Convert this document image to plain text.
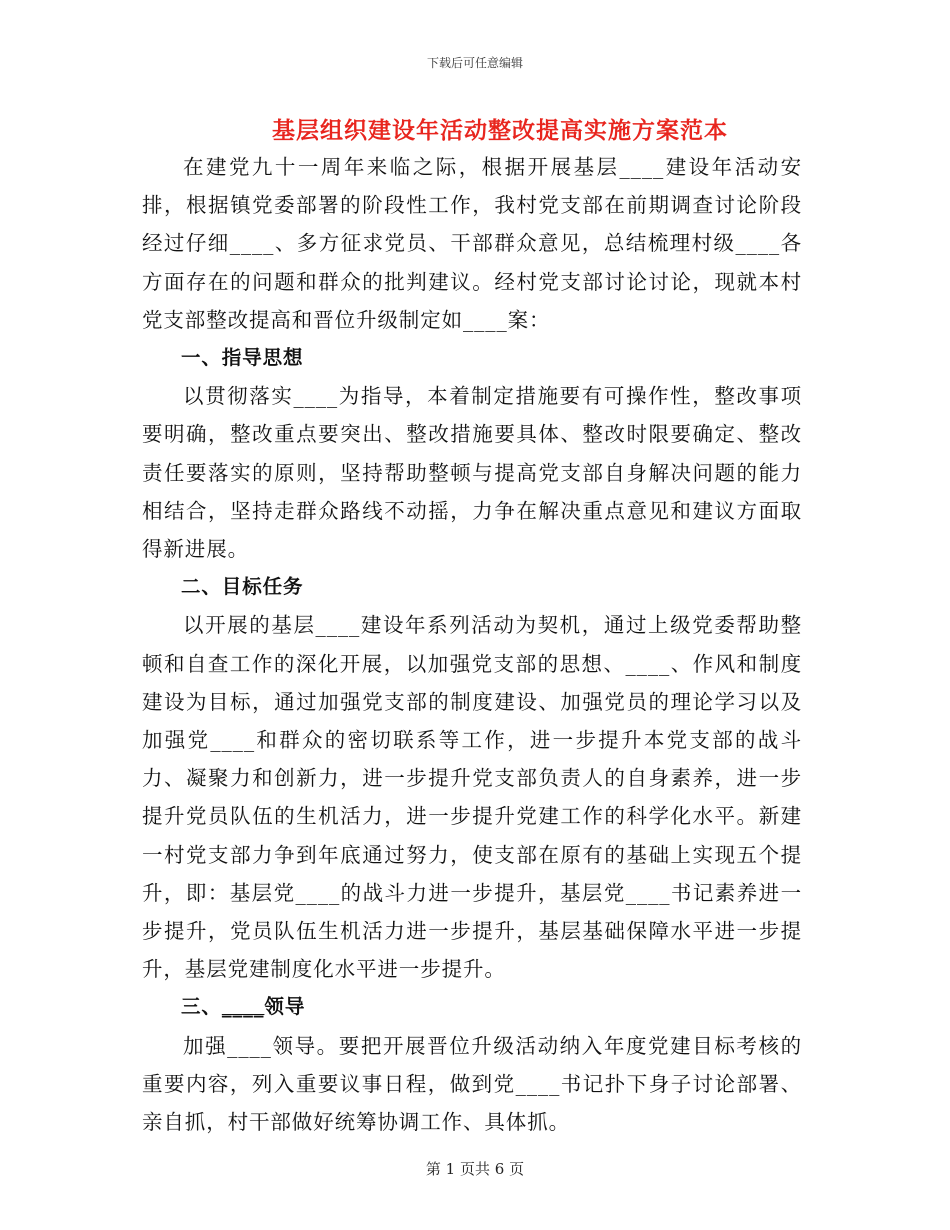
下载后可任意编辑
基层组织建设年活动整改提高实施方案范本

在建党九十一周年来临之际，根据开展基层____建设年活动安排，根据镇党委部署的阶段性工作，我村党支部在前期调查讨论阶段经过仔细____、多方征求党员、干部群众意见，总结梳理村级____各方面存在的问题和群众的批判建议。经村党支部讨论讨论，现就本村党支部整改提高和晋位升级制定如____案：

一、指导思想

以贯彻落实____为指导，本着制定措施要有可操作性，整改事项要明确，整改重点要突出、整改措施要具体、整改时限要确定、整改责任要落实的原则，坚持帮助整顿与提高党支部自身解决问题的能力相结合，坚持走群众路线不动摇，力争在解决重点意见和建议方面取得新进展。

二、目标任务

以开展的基层____建设年系列活动为契机，通过上级党委帮助整顿和自查工作的深化开展，以加强党支部的思想、____、作风和制度建设为目标，通过加强党支部的制度建设、加强党员的理论学习以及加强党____和群众的密切联系等工作，进一步提升本党支部的战斗力、凝聚力和创新力，进一步提升党支部负责人的自身素养，进一步提升党员队伍的生机活力，进一步提升党建工作的科学化水平。新建一村党支部力争到年底通过努力，使支部在原有的基础上实现五个提升，即：基层党____的战斗力进一步提升，基层党____书记素养进一步提升，党员队伍生机活力进一步提升，基层基础保障水平进一步提升，基层党建制度化水平进一步提升。

三、____领导

加强____领导。要把开展晋位升级活动纳入年度党建目标考核的重要内容，列入重要议事日程，做到党____书记扑下身子讨论部署、亲自抓，村干部做好统筹协调工作、具体抓。

第 1 页共 6 页
